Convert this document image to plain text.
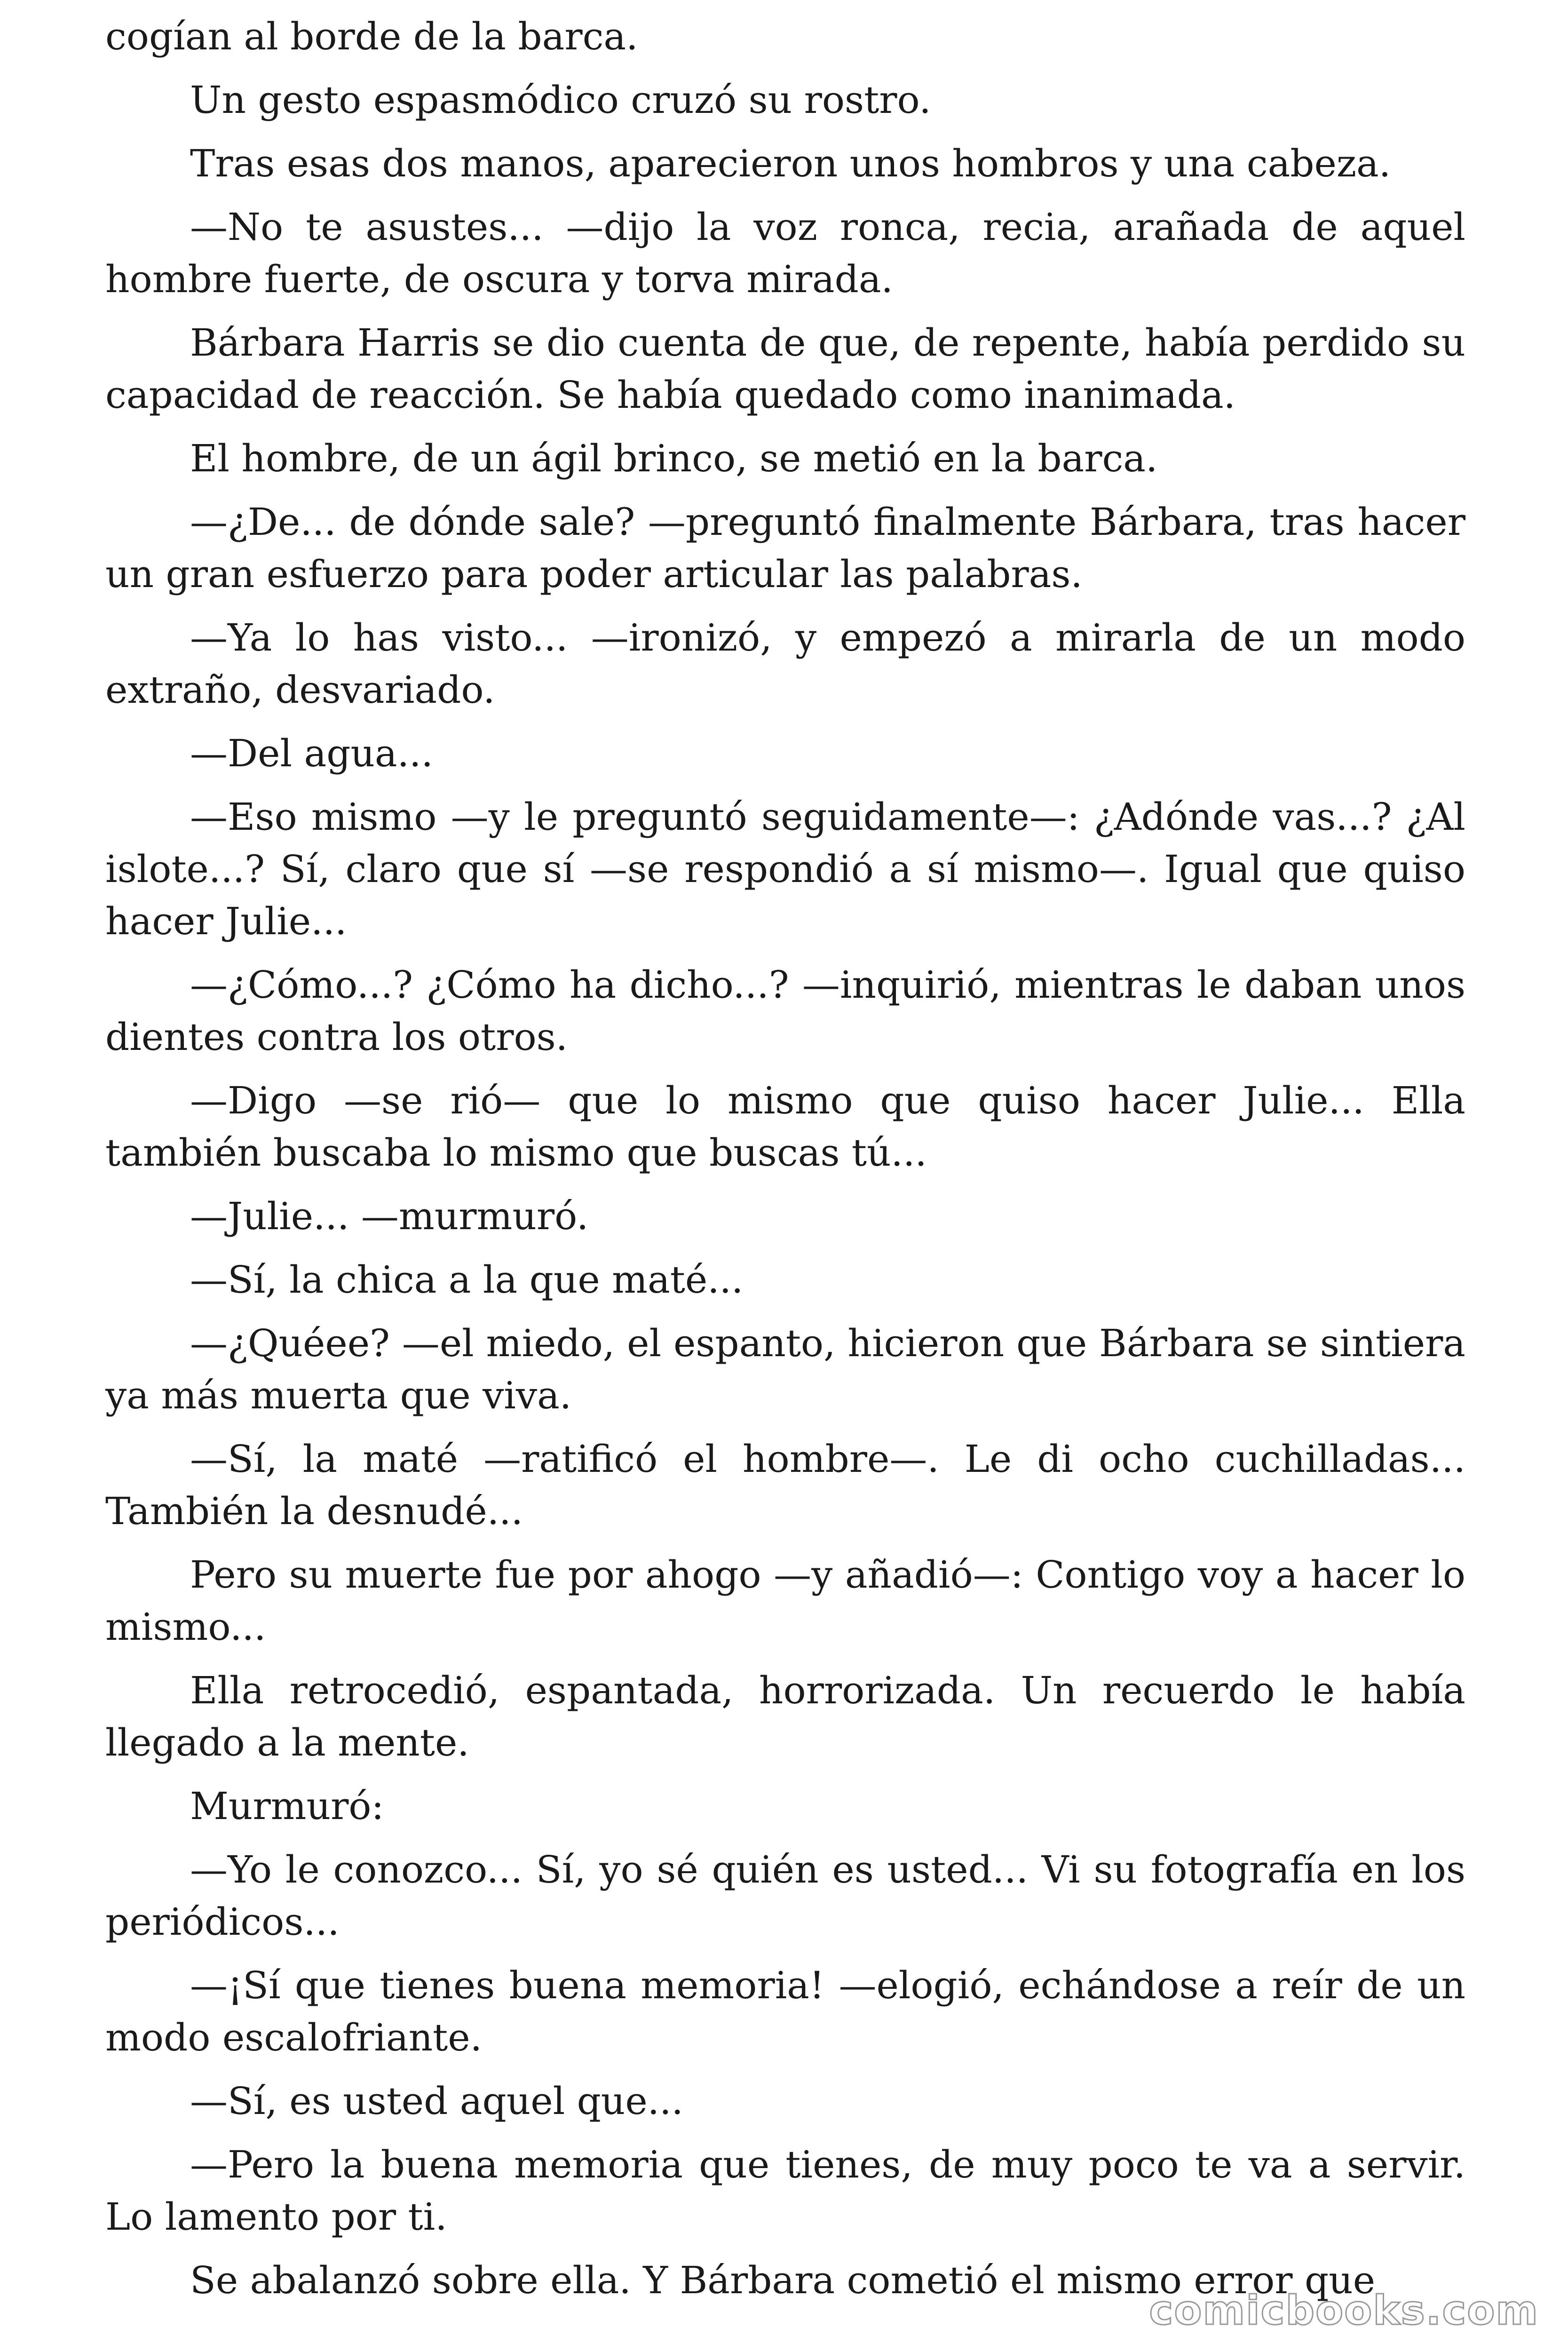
cogían al borde de la barca.

Un gesto espasmódico cruzó su rostro.

Tras esas dos manos, aparecieron unos hombros y una cabeza.

—No te asustes... —dijo la voz ronca, recia, arañada de aquel hombre fuerte, de oscura y torva mirada.

Bárbara Harris se dio cuenta de que, de repente, había perdido su capacidad de reacción. Se había quedado como inanimada.

El hombre, de un ágil brinco, se metió en la barca.

—¿De... de dónde sale? —preguntó finalmente Bárbara, tras hacer un gran esfuerzo para poder articular las palabras.

—Ya lo has visto... —ironizó, y empezó a mirarla de un modo extraño, desvariado.

—Del agua...

—Eso mismo —y le preguntó seguidamente—: ¿Adónde vas...? ¿Al islote...? Sí, claro que sí —se respondió a sí mismo—. Igual que quiso hacer Julie...

—¿Cómo...? ¿Cómo ha dicho...? —inquirió, mientras le daban unos dientes contra los otros.

—Digo —se rió— que lo mismo que quiso hacer Julie... Ella también buscaba lo mismo que buscas tú...

—Julie... —murmuró.

—Sí, la chica a la que maté...

—¿Quéee? —el miedo, el espanto, hicieron que Bárbara se sintiera ya más muerta que viva.

—Sí, la maté —ratificó el hombre—. Le di ocho cuchilladas... También la desnudé...

Pero su muerte fue por ahogo —y añadió—: Contigo voy a hacer lo mismo...

Ella retrocedió, espantada, horrorizada. Un recuerdo le había llegado a la mente.

Murmuró:

—Yo le conozco... Sí, yo sé quién es usted... Vi su fotografía en los periódicos...

—¡Sí que tienes buena memoria! —elogió, echándose a reír de un modo escalofriante.

—Sí, es usted aquel que...

—Pero la buena memoria que tienes, de muy poco te va a servir. Lo lamento por ti.

Se abalanzó sobre ella. Y Bárbara cometió el mismo error que

comicbooks.com
